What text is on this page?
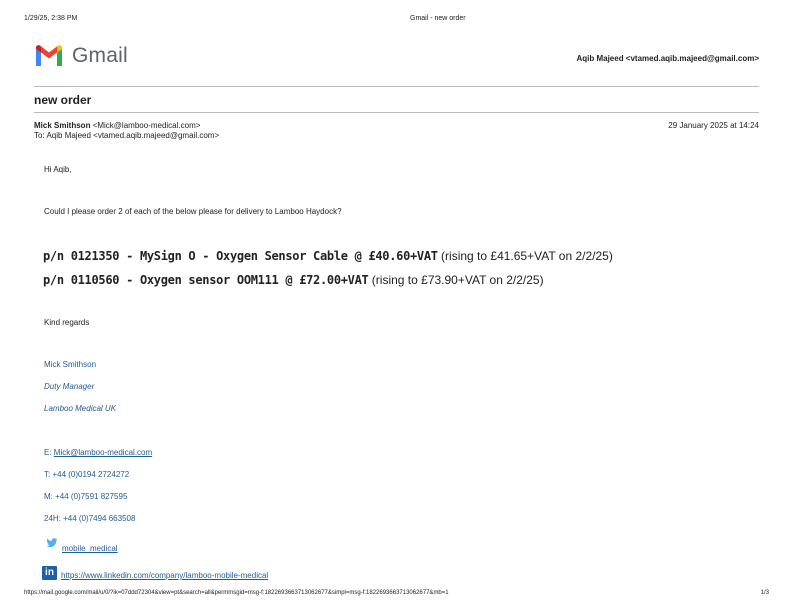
1/29/25, 2:38 PM	Gmail - new order
Gmail	Aqib Majeed <vtamed.aqib.majeed@gmail.com>
new order
Mick Smithson <Mick@lamboo-medical.com>
To: Aqib Majeed <vtamed.aqib.majeed@gmail.com>
29 January 2025 at 14:24
Hi Aqib,
Could I please order 2 of each of the below please for delivery to Lamboo Haydock?
p/n 0121350 - MySign O - Oxygen Sensor Cable @ £40.60+VAT (rising to £41.65+VAT on 2/2/25)
p/n 0110560 - Oxygen sensor OOM111 @ £72.00+VAT (rising to £73.90+VAT on 2/2/25)
Kind regards
Mick Smithson
Duty Manager
Lamboo Medical UK
E: Mick@lamboo-medical.com
T: +44 (0)0194 2724272
M: +44 (0)7591 827595
24H: +44 (0)7494 663508
mobile_medical
in https://www.linkedin.com/company/lamboo-mobile-medical
https://mail.google.com/mail/u/0/?ik=07ddd72304&view=pt&search=all&permmsgid=msg-f:1822693663713062677&simpl=msg-f:1822693663713062677&mb=1	1/3
